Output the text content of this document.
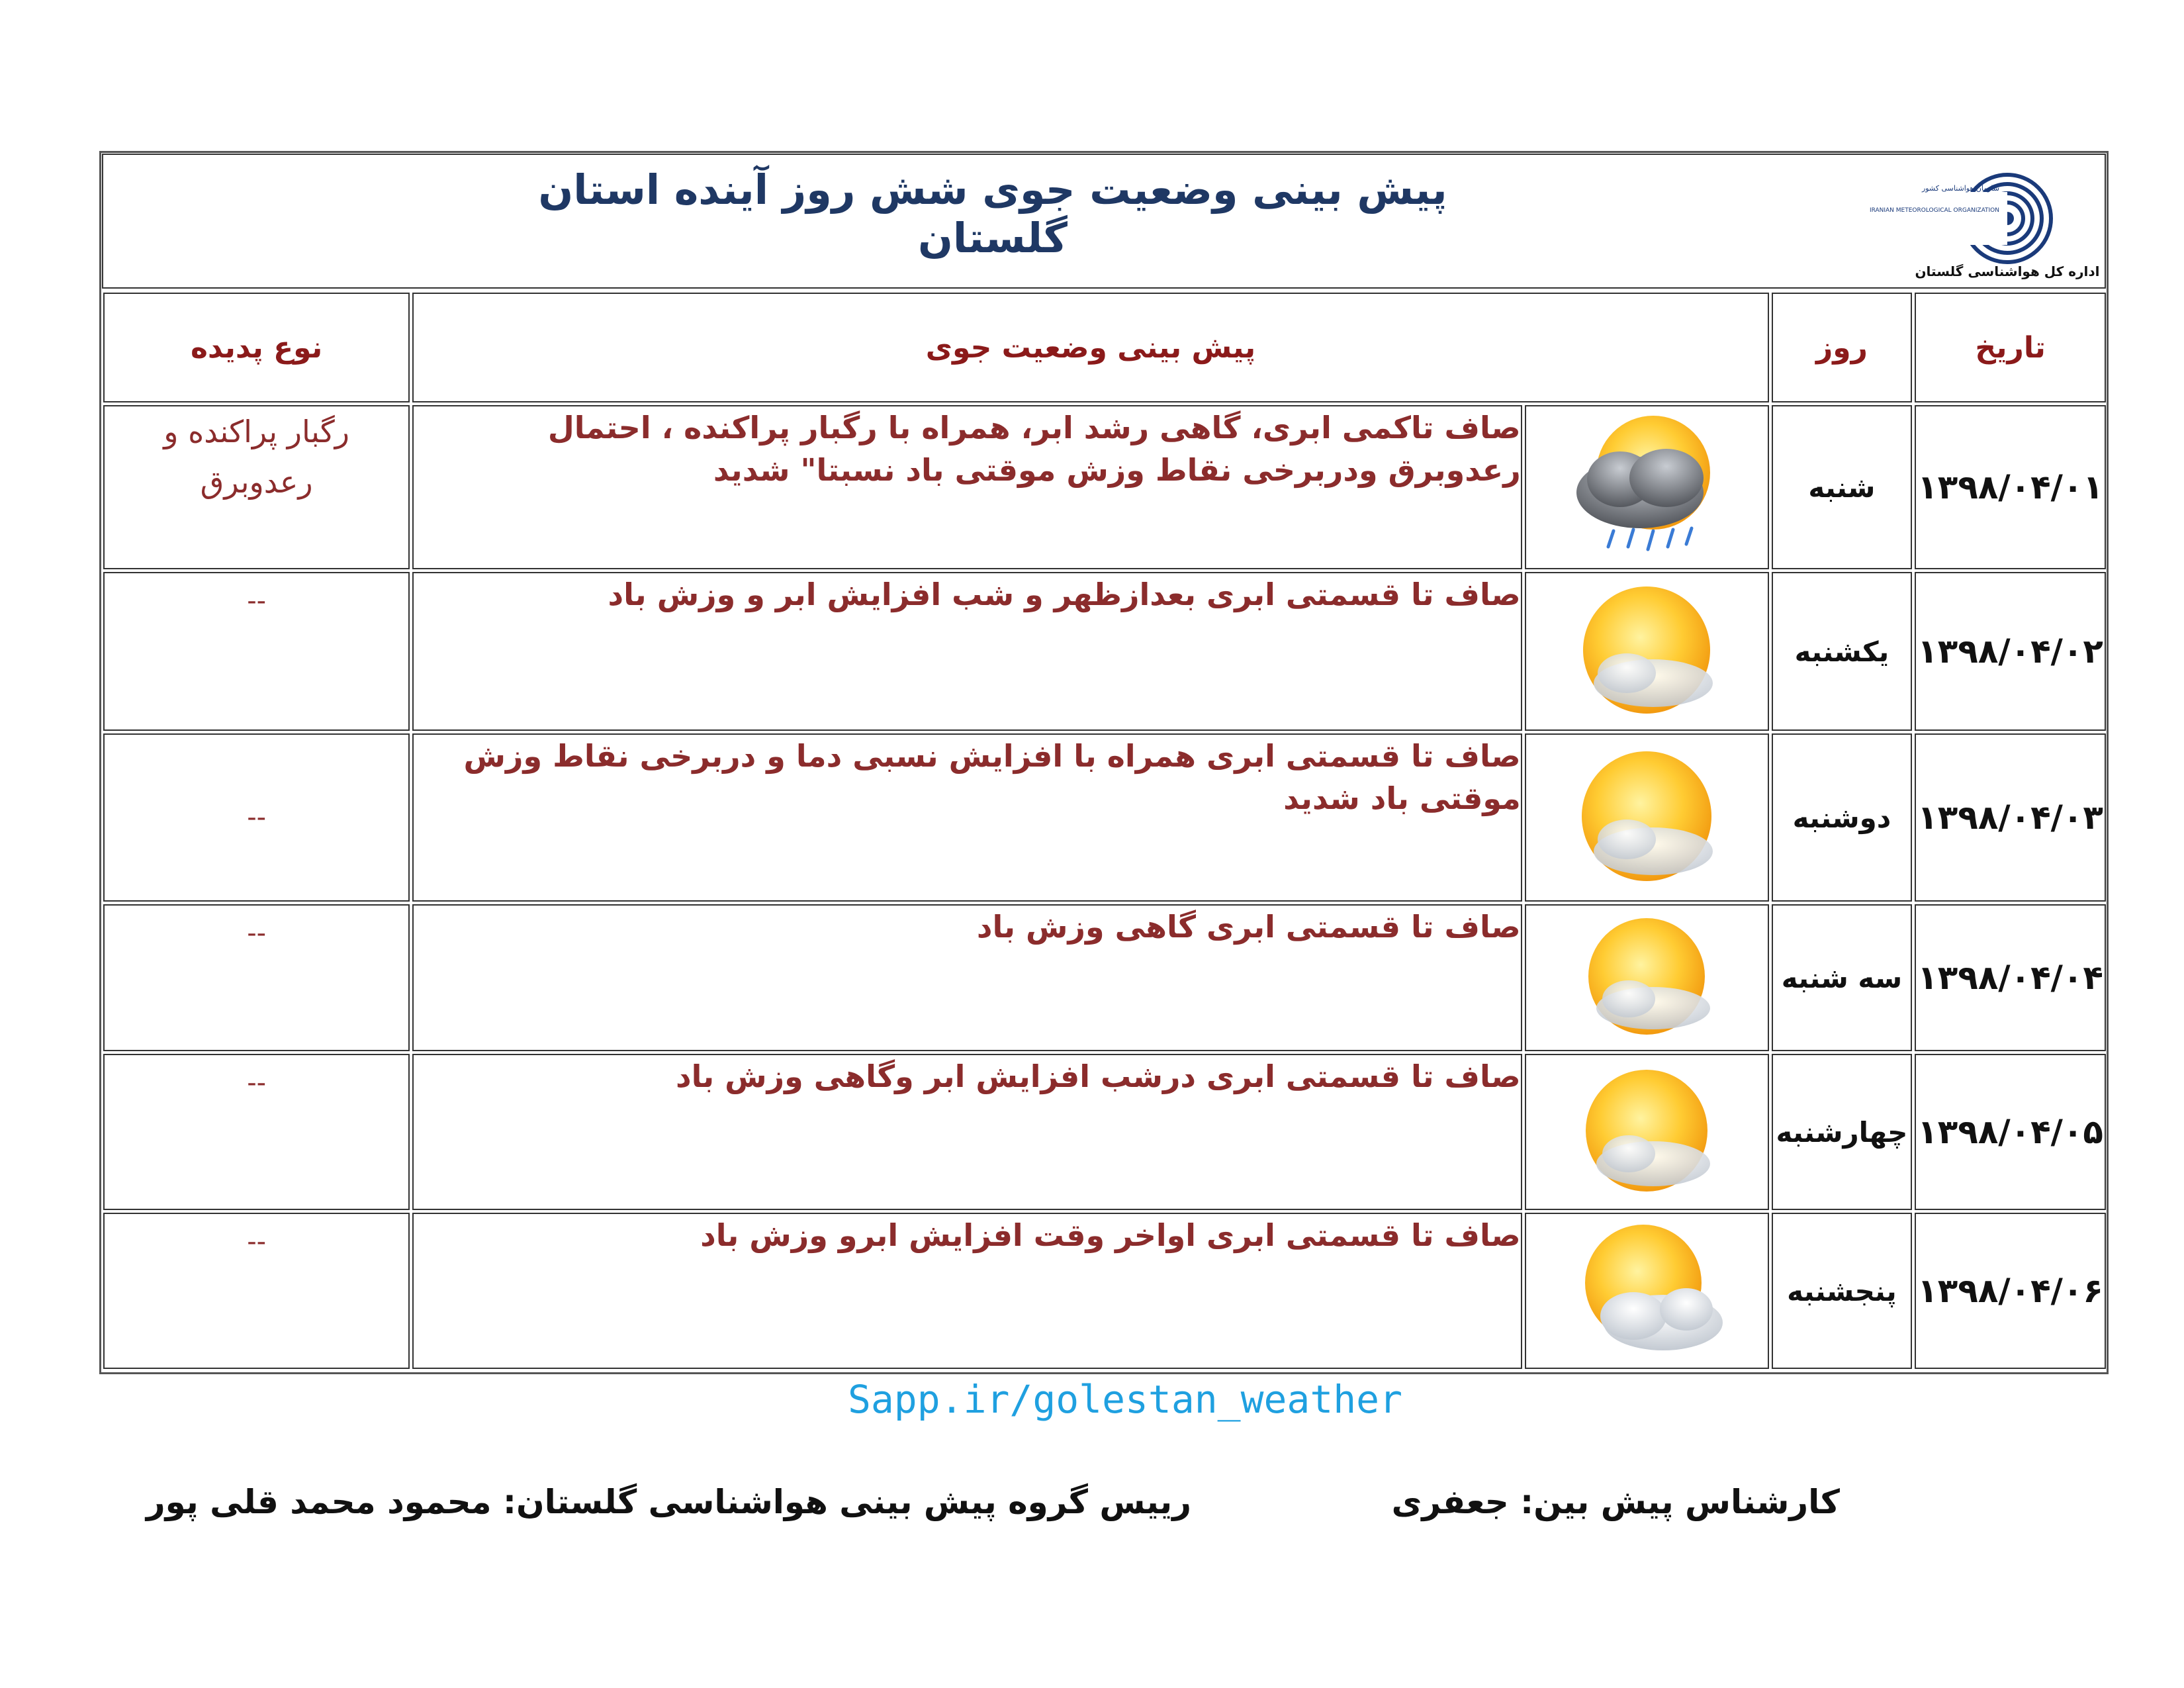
پیش بینی وضعیت جوی شش روز آینده استان گلستان
سازمان هواشناسی کشور
IRANIAN METEOROLOGICAL ORGANIZATION
اداره کل هواشناسی گلستان
تاریخ	روز	پیش بینی وضعیت جوی		نوع پدیده
۱۳۹۸/۰۴/۰۱	شنبه		صاف تاکمی ابری، گاهی رشد ابر، همراه با رگبار پراکنده ، احتمال رعدوبرق ودربرخی نقاط وزش موقتی باد نسبتا" شدید	رگبار پراکنده و رعدوبرق
۱۳۹۸/۰۴/۰۲	یکشنبه		صاف تا قسمتی ابری بعدازظهر و شب افزایش ابر و وزش باد	--
۱۳۹۸/۰۴/۰۳	دوشنبه		صاف تا قسمتی ابری همراه با افزایش نسبی دما و دربرخی نقاط وزش موقتی باد شدید	--
۱۳۹۸/۰۴/۰۴	سه شنبه		صاف تا قسمتی ابری گاهی وزش باد	--
۱۳۹۸/۰۴/۰۵	چهارشنبه		صاف تا قسمتی ابری درشب افزایش ابر وگاهی وزش باد	--
۱۳۹۸/۰۴/۰۶	پنجشنبه		صاف تا قسمتی ابری اواخر وقت افزایش ابرو وزش باد	--
Sapp.ir/golestan_weather
کارشناس پیش بین: جعفری
رییس گروه پیش بینی هواشناسی گلستان: محمود محمد قلی پور
